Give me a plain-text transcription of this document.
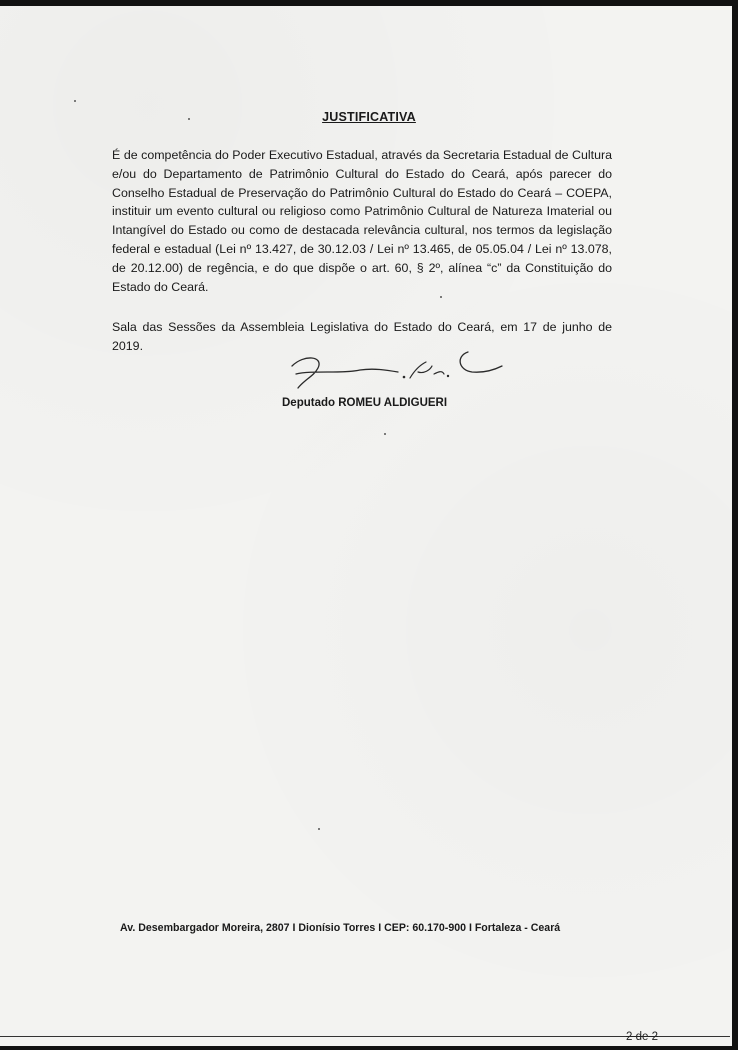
JUSTIFICATIVA

É de competência do Poder Executivo Estadual, através da Secretaria Estadual de Cultura e/ou do Departamento de Patrimônio Cultural do Estado do Ceará, após parecer do Conselho Estadual de Preservação do Patrimônio Cultural do Estado do Ceará – COEPA, instituir um evento cultural ou religioso como Patrimônio Cultural de Natureza Imaterial ou Intangível do Estado ou como de destacada relevância cultural, nos termos da legislação federal e estadual (Lei nº 13.427, de 30.12.03 / Lei nº 13.465, de 05.05.04 / Lei nº 13.078, de 20.12.00) de regência, e do que dispõe o art. 60, § 2º, alínea “c” da Constituição do Estado do Ceará.

Sala das Sessões da Assembleia Legislativa do Estado do Ceará, em 17 de junho de 2019.

Deputado ROMEU ALDIGUERI
Av. Desembargador Moreira, 2807 I Dionísio Torres I CEP: 60.170-900 I Fortaleza - Ceará
2 de 2
